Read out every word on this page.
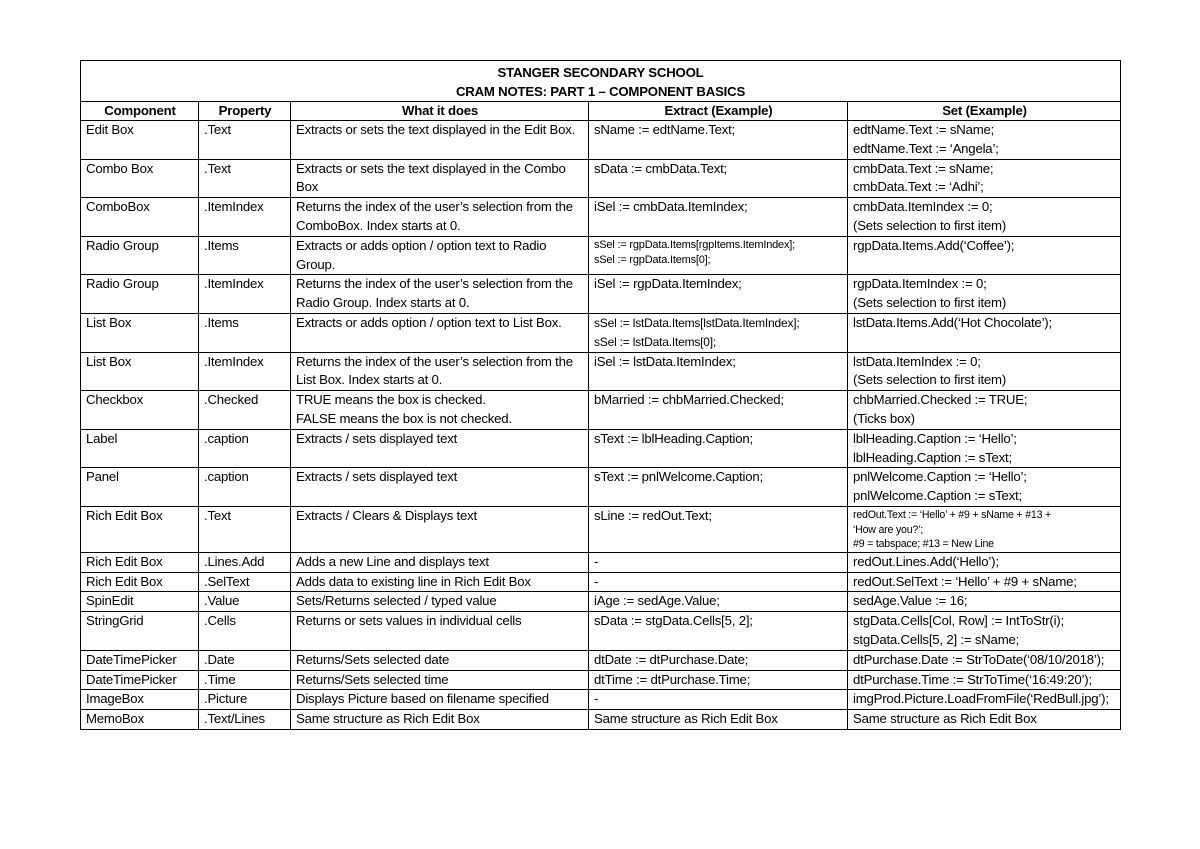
STANGER SECONDARY SCHOOL
CRAM NOTES: PART 1 – COMPONENT BASICS				

Component	Property	What it does	Extract (Example)	Set (Example)
Edit Box	.Text	Extracts or sets the text displayed in the Edit Box.	sName := edtName.Text;	edtName.Text := sName;
edtName.Text := ‘Angela’;

Combo Box	.Text	Extracts or sets the text displayed in the Combo Box	sData := cmbData.Text;	cmbData.Text := sName;
cmbData.Text := ‘Adhi’;

ComboBox	.ItemIndex	Returns the index of the user’s selection from the ComboBox. Index starts at 0.	iSel := cmbData.ItemIndex;	cmbData.ItemIndex := 0;
(Sets selection to first item)

Radio Group	.Items	Extracts or adds option / option text to Radio Group.	sSel := rgpData.Items[rgpItems.ItemIndex];
sSel := rgpData.Items[0];	rgpData.Items.Add(‘Coffee’);

Radio Group	.ItemIndex	Returns the index of the user’s selection from the Radio Group. Index starts at 0.	iSel := rgpData.ItemIndex;	rgpData.ItemIndex := 0;
(Sets selection to first item)

List Box	.Items	Extracts or adds option / option text to List Box.	sSel := lstData.Items[lstData.ItemIndex];
sSel := lstData.Items[0];	lstData.Items.Add(‘Hot Chocolate’);

List Box	.ItemIndex	Returns the index of the user’s selection from the List Box. Index starts at 0.	iSel := lstData.ItemIndex;	lstData.ItemIndex := 0;
(Sets selection to first item)

Checkbox	.Checked	TRUE means the box is checked.
FALSE means the box is not checked.	bMarried := chbMarried.Checked;	chbMarried.Checked := TRUE;
(Ticks box)

Label	.caption	Extracts / sets displayed text	sText := lblHeading.Caption;	lblHeading.Caption := ‘Hello’;
lblHeading.Caption := sText;

Panel	.caption	Extracts / sets displayed text	sText := pnlWelcome.Caption;	pnlWelcome.Caption := ‘Hello’;
pnlWelcome.Caption := sText;

Rich Edit Box	.Text	Extracts / Clears & Displays text	sLine := redOut.Text;	redOut.Text := ‘Hello’ + #9 + sName + #13 +
‘How are you?’;
#9 = tabspace; #13 = New Line

Rich Edit Box	.Lines.Add	Adds a new Line and displays text	-	redOut.Lines.Add(‘Hello’);

Rich Edit Box	.SelText	Adds data to existing line in Rich Edit Box	-	redOut.SelText := ‘Hello’ + #9 + sName;

SpinEdit	.Value	Sets/Returns selected / typed value	iAge := sedAge.Value;	sedAge.Value := 16;

StringGrid	.Cells	Returns or sets values in individual cells	sData := stgData.Cells[5, 2];	stgData.Cells[Col, Row] := IntToStr(i);
stgData.Cells[5, 2] := sName;

DateTimePicker	.Date	Returns/Sets selected date	dtDate := dtPurchase.Date;	dtPurchase.Date := StrToDate(‘08/10/2018’);

DateTimePicker	.Time	Returns/Sets selected time	dtTime := dtPurchase.Time;	dtPurchase.Time := StrToTime(‘16:49:20’);

ImageBox	.Picture	Displays Picture based on filename specified	-	imgProd.Picture.LoadFromFile(‘RedBull.jpg’);

MemoBox	.Text/Lines	Same structure as Rich Edit Box	Same structure as Rich Edit Box	Same structure as Rich Edit Box
